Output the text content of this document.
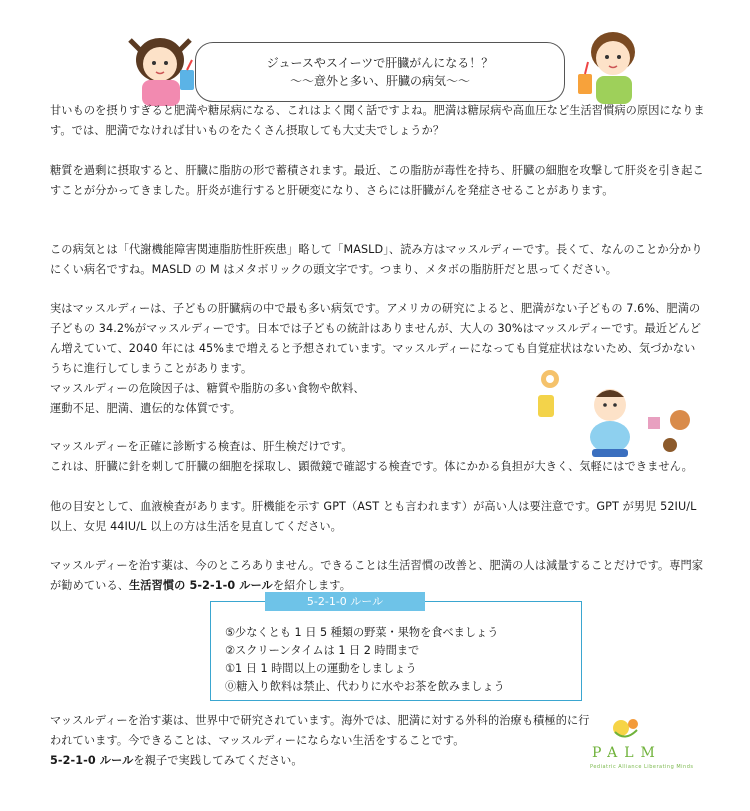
ジュースやスイーツで肝臓がんになる！？
～～意外と多い、肝臓の病気～～

甘いものを摂りすぎると肥満や糖尿病になる、これはよく聞く話ですよね。肥満は糖尿病や高血圧など生活習慣病の原因になります。では、肥満でなければ甘いものをたくさん摂取しても大丈夫でしょうか？

糖質を過剰に摂取すると、肝臓に脂肪の形で蓄積されます。最近、この脂肪が毒性を持ち、肝臓の細胞を攻撃して肝炎を引き起こすことが分かってきました。肝炎が進行すると肝硬変になり、さらには肝臓がんを発症させることがあります。

この病気とは「代謝機能障害関連脂肪性肝疾患」略して「MASLD」、読み方はマッスルディーです。長くて、なんのことか分かりにくい病名ですね。MASLD の M はメタボリックの頭文字です。つまり、メタボの脂肪肝だと思ってください。

実はマッスルディーは、子どもの肝臓病の中で最も多い病気です。アメリカの研究によると、肥満がない子どもの 7.6%、肥満の子どもの 34.2%がマッスルディーです。日本では子どもの統計はありませんが、大人の 30%はマッスルディーです。最近どんどん増えていて、2040 年には 45%まで増えると予想されています。マッスルディーになっても自覚症状はないため、気づかないうちに進行してしまうことがあります。

マッスルディーの危険因子は、糖質や脂肪の多い食物や飲料、
運動不足、肥満、遺伝的な体質です。

マッスルディーを正確に診断する検査は、肝生検だけです。
これは、肝臓に針を刺して肝臓の細胞を採取し、顕微鏡で確認する検査です。体にかかる負担が大きく、気軽にはできません。

他の目安として、血液検査があります。肝機能を示す GPT（AST とも言われます）が高い人は要注意です。GPT が男児 52IU/L 以上、女児 44IU/L 以上の方は生活を見直してください。

マッスルディーを治す薬は、今のところありません。できることは生活習慣の改善と、肥満の人は減量することだけです。専門家が勧めている、生活習慣の 5-2-1-0 ルールを紹介します。

5-2-1-0 ルール
⑤少なくとも 1 日 5 種類の野菜・果物を食べましょう
②スクリーンタイムは 1 日 2 時間まで
①1 日 1 時間以上の運動をしましょう
⓪糖入り飲料は禁止、代わりに水やお茶を飲みましょう

マッスルディーを治す薬は、世界中で研究されています。海外では、肥満に対する外科的治療も積極的に行われています。今できることは、マッスルディーにならない生活をすることです。

5-2-1-0 ルールを親子で実践してみてください。	PALM
Pediatric Alliance Liberating Minds
